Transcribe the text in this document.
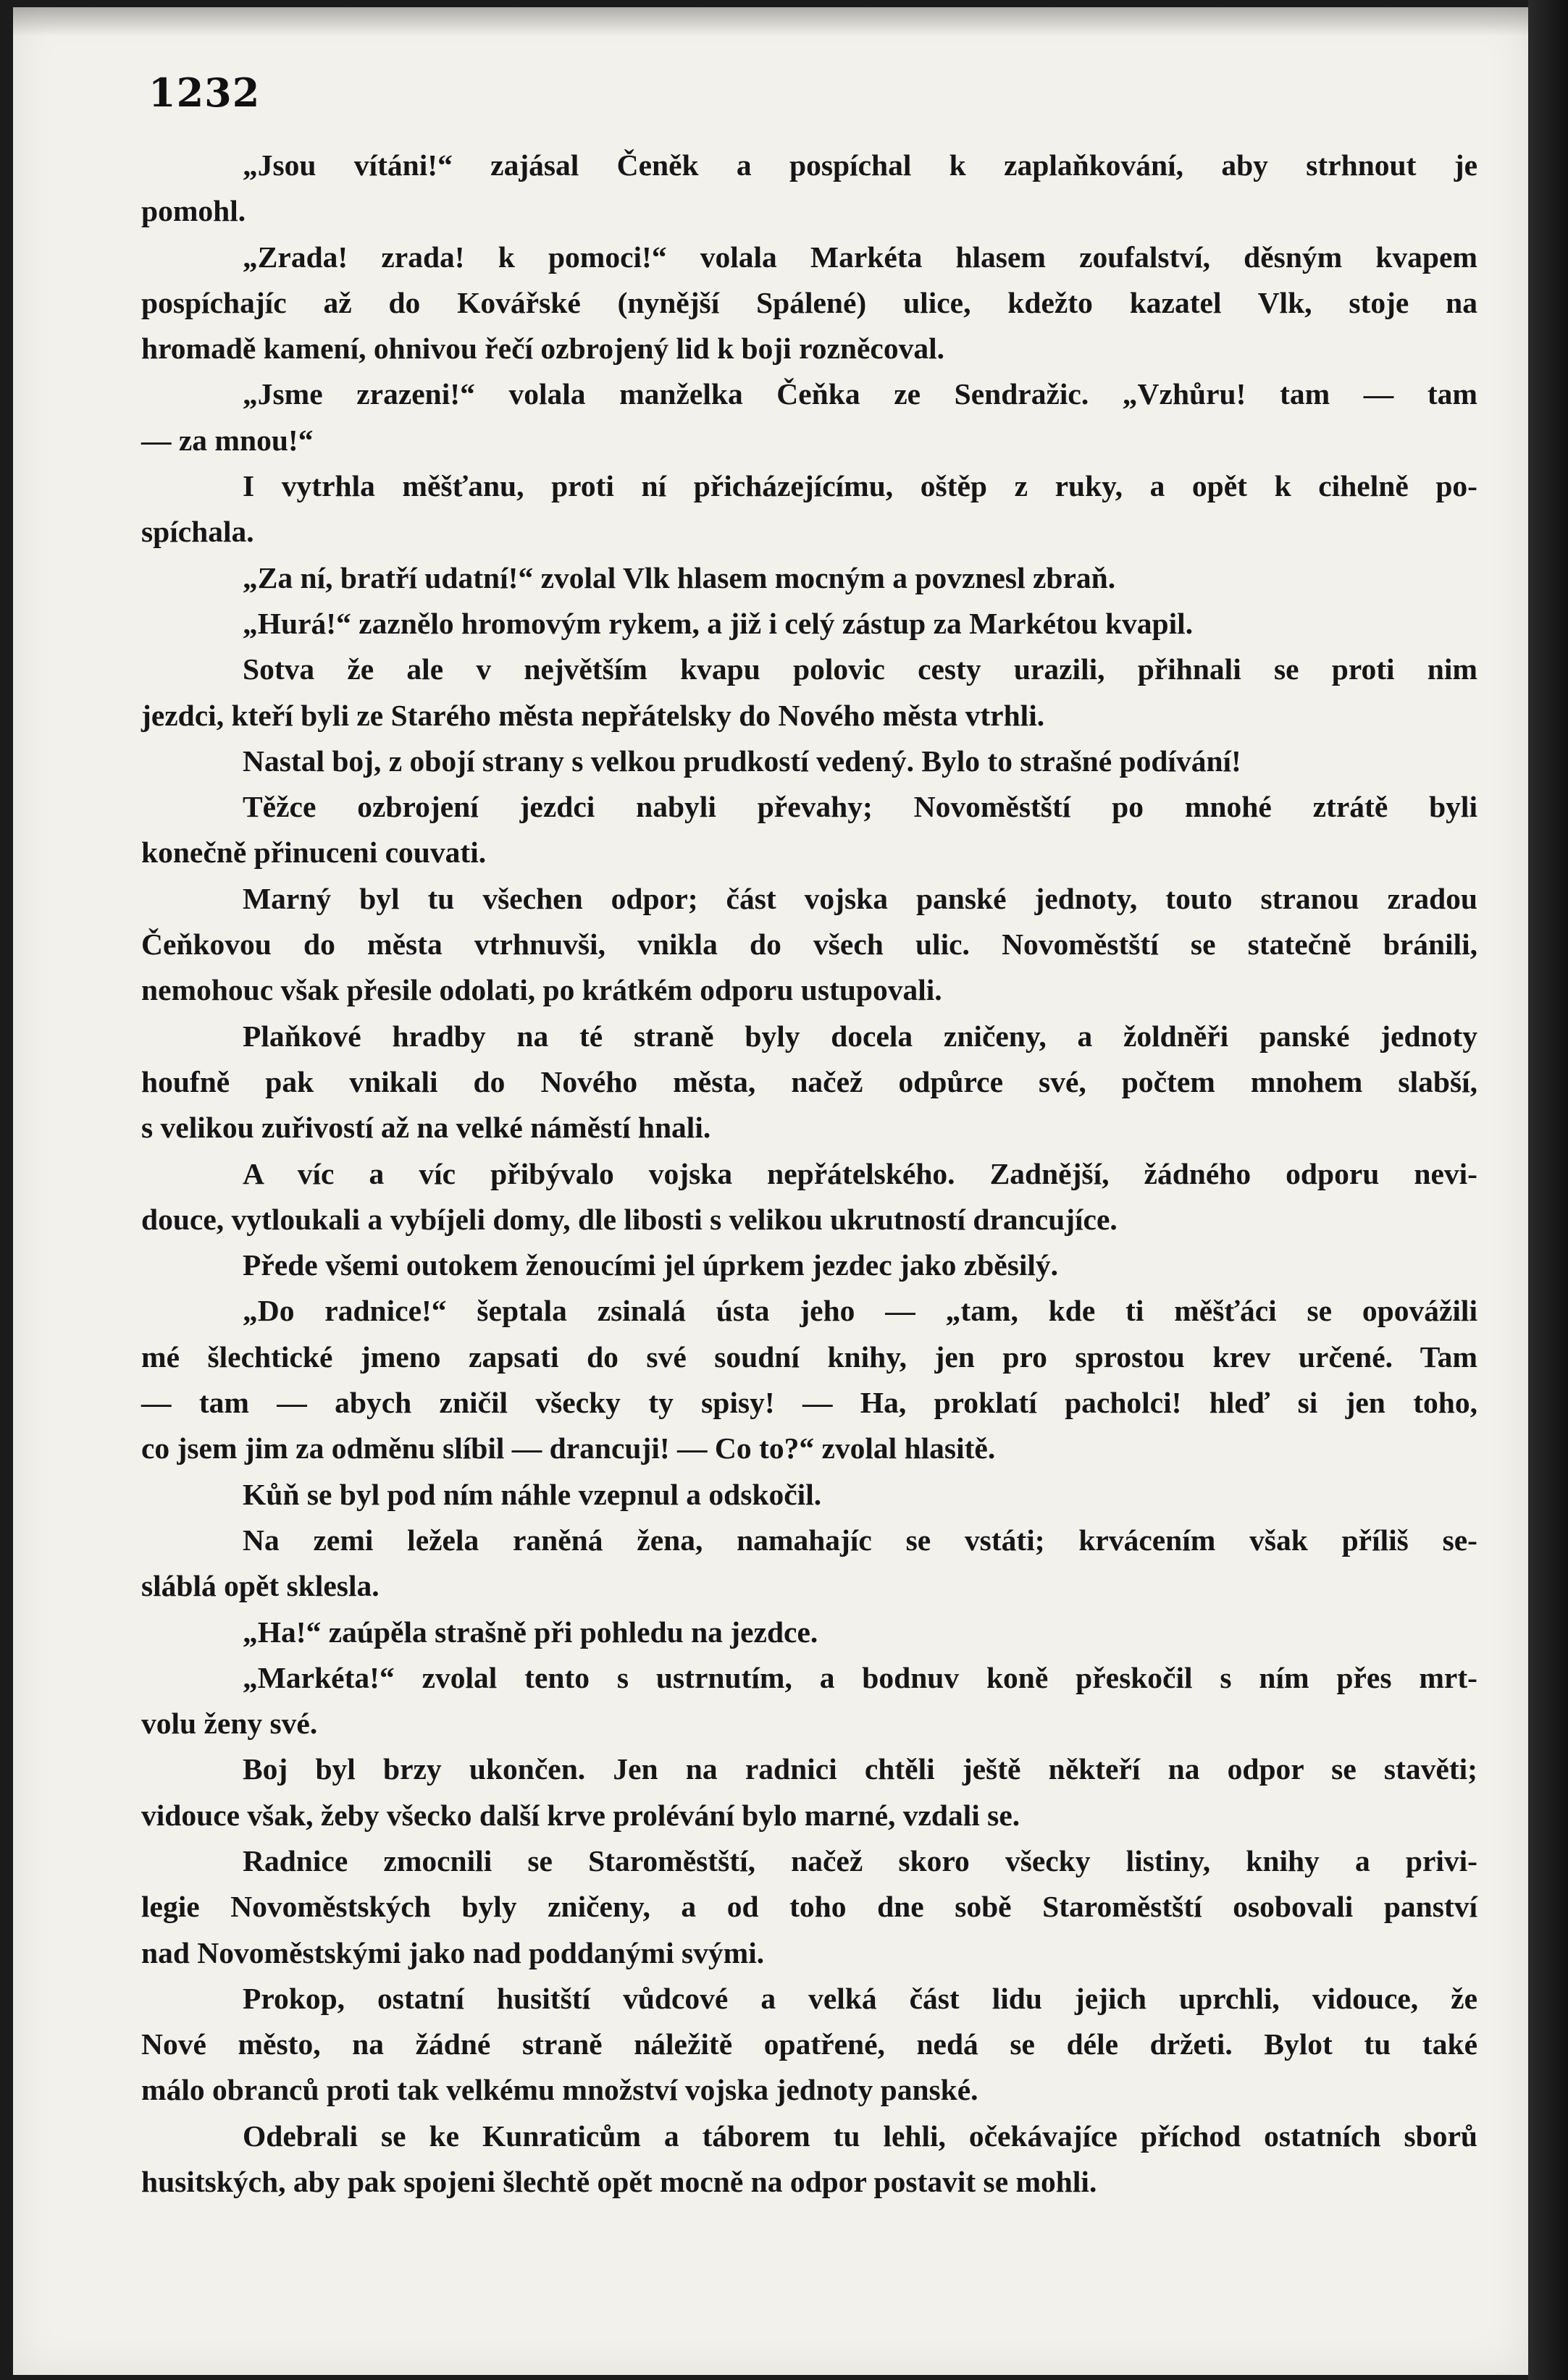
1232
„Jsou vítáni!“ zajásal Čeněk a pospíchal k zaplaňkování, aby strhnout je
pomohl.
„Zrada! zrada! k pomoci!“ volala Markéta hlasem zoufalství, děsným kvapem
pospíchajíc až do Kovářské (nynější Spálené) ulice, kdežto kazatel Vlk, stoje na
hromadě kamení, ohnivou řečí ozbrojený lid k boji rozněcoval.
„Jsme zrazeni!“ volala manželka Čeňka ze Sendražic. „Vzhůru! tam — tam
— za mnou!“
I vytrhla měšťanu, proti ní přicházejícímu, oštěp z ruky, a opět k cihelně po-
spíchala.
„Za ní, bratří udatní!“ zvolal Vlk hlasem mocným a povznesl zbraň.
„Hurá!“ zaznělo hromovým rykem, a již i celý zástup za Markétou kvapil.
Sotva že ale v největším kvapu polovic cesty urazili, přihnali se proti nim
jezdci, kteří byli ze Starého města nepřátelsky do Nového města vtrhli.
Nastal boj, z obojí strany s velkou prudkostí vedený. Bylo to strašné podívání!
Těžce ozbrojení jezdci nabyli převahy; Novoměstští po mnohé ztrátě byli
konečně přinuceni couvati.
Marný byl tu všechen odpor; část vojska panské jednoty, touto stranou zradou
Čeňkovou do města vtrhnuvši, vnikla do všech ulic. Novoměstští se statečně bránili,
nemohouc však přesile odolati, po krátkém odporu ustupovali.
Plaňkové hradby na té straně byly docela zničeny, a žoldněři panské jednoty
houfně pak vnikali do Nového města, načež odpůrce své, počtem mnohem slabší,
s velikou zuřivostí až na velké náměstí hnali.
A víc a víc přibývalo vojska nepřátelského. Zadnější, žádného odporu nevi-
douce, vytloukali a vybíjeli domy, dle libosti s velikou ukrutností drancujíce.
Přede všemi outokem ženoucími jel úprkem jezdec jako zběsilý.
„Do radnice!“ šeptala zsinalá ústa jeho — „tam, kde ti měšťáci se opovážili
mé šlechtické jmeno zapsati do své soudní knihy, jen pro sprostou krev určené. Tam
— tam — abych zničil všecky ty spisy! — Ha, proklatí pacholci! hleď si jen toho,
co jsem jim za odměnu slíbil — drancuji! — Co to?“ zvolal hlasitě.
Kůň se byl pod ním náhle vzepnul a odskočil.
Na zemi ležela raněná žena, namahajíc se vstáti; krvácením však příliš se-
sláblá opět sklesla.
„Ha!“ zaúpěla strašně při pohledu na jezdce.
„Markéta!“ zvolal tento s ustrnutím, a bodnuv koně přeskočil s ním přes mrt-
volu ženy své.
Boj byl brzy ukončen. Jen na radnici chtěli ještě někteří na odpor se stavěti;
vidouce však, žeby všecko další krve prolévání bylo marné, vzdali se.
Radnice zmocnili se Staroměstští, načež skoro všecky listiny, knihy a privi-
legie Novoměstských byly zničeny, a od toho dne sobě Staroměstští osobovali panství
nad Novoměstskými jako nad poddanými svými.
Prokop, ostatní husitští vůdcové a velká část lidu jejich uprchli, vidouce, že
Nové město, na žádné straně náležitě opatřené, nedá se déle držeti. Bylot tu také
málo obranců proti tak velkému množství vojska jednoty panské.
Odebrali se ke Kunraticům a táborem tu lehli, očekávajíce příchod ostatních sborů
husitských, aby pak spojeni šlechtě opět mocně na odpor postavit se mohli.
